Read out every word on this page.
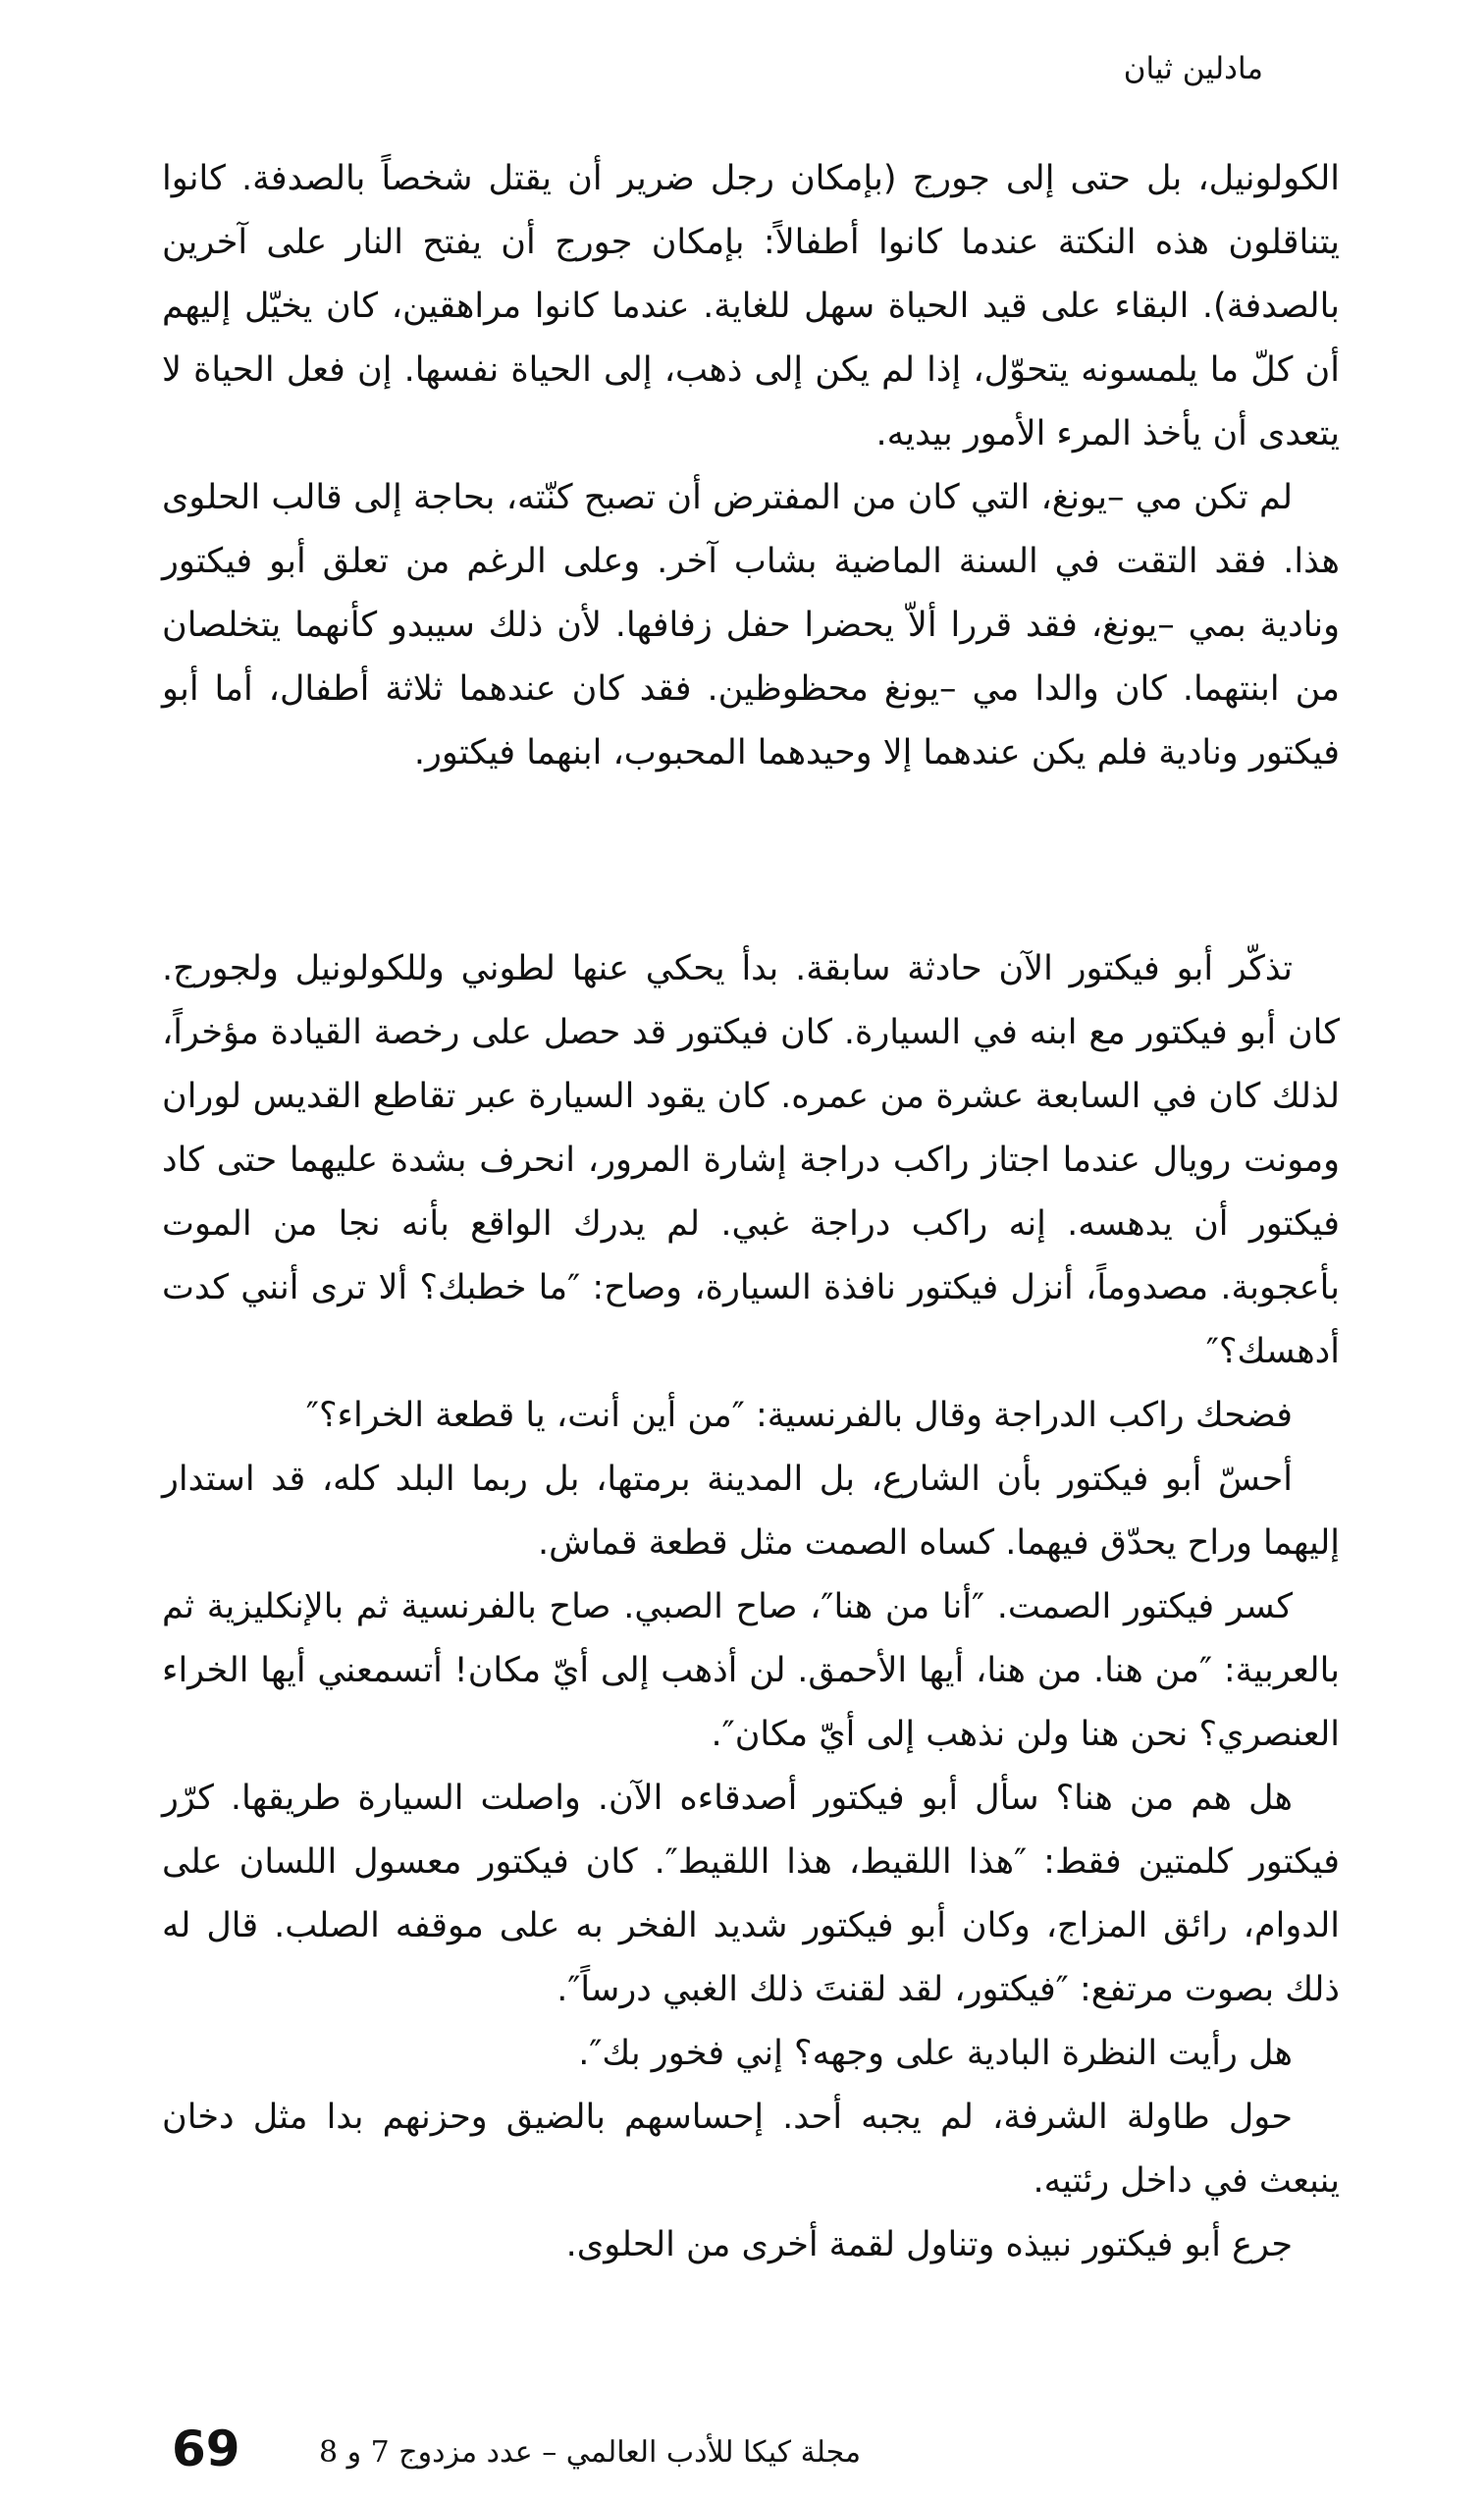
مادلين ثيان

الكولونيل، بل حتى إلى جورج (بإمكان رجل ضرير أن يقتل شخصاً بالصدفة. كانوا يتناقلون هذه النكتة عندما كانوا أطفالاً: بإمكان جورج أن يفتح النار على آخرين بالصدفة). البقاء على قيد الحياة سهل للغاية. عندما كانوا مراهقين، كان يخيّل إليهم أن كلّ ما يلمسونه يتحوّل، إذا لم يكن إلى ذهب، إلى الحياة نفسها. إن فعل الحياة لا يتعدى أن يأخذ المرء الأمور بيديه.

لم تكن مي –يونغ، التي كان من المفترض أن تصبح كنّته، بحاجة إلى قالب الحلوى هذا. فقد التقت في السنة الماضية بشاب آخر. وعلى الرغم من تعلق أبو فيكتور ونادية بمي –يونغ، فقد قررا ألاّ يحضرا حفل زفافها. لأن ذلك سيبدو كأنهما يتخلصان من ابنتهما. كان والدا مي –يونغ محظوظين. فقد كان عندهما ثلاثة أطفال، أما أبو فيكتور ونادية فلم يكن عندهما إلا وحيدهما المحبوب، ابنهما فيكتور.

تذكّر أبو فيكتور الآن حادثة سابقة. بدأ يحكي عنها لطوني وللكولونيل ولجورج. كان أبو فيكتور مع ابنه في السيارة. كان فيكتور قد حصل على رخصة القيادة مؤخراً، لذلك كان في السابعة عشرة من عمره. كان يقود السيارة عبر تقاطع القديس لوران ومونت رويال عندما اجتاز راكب دراجة إشارة المرور، انحرف بشدة عليهما حتى كاد فيكتور أن يدهسه. إنه راكب دراجة غبي. لم يدرك الواقع بأنه نجا من الموت بأعجوبة. مصدوماً، أنزل فيكتور نافذة السيارة، وصاح: ″ما خطبك؟ ألا ترى أنني كدت أدهسك؟″

فضحك راكب الدراجة وقال بالفرنسية: ″من أين أنت، يا قطعة الخراء؟″

أحسّ أبو فيكتور بأن الشارع، بل المدينة برمتها، بل ربما البلد كله، قد استدار إليهما وراح يحدّق فيهما. كساه الصمت مثل قطعة قماش.

كسر فيكتور الصمت. ″أنا من هنا″، صاح الصبي. صاح بالفرنسية ثم بالإنكليزية ثم بالعربية: ″من هنا. من هنا، أيها الأحمق. لن أذهب إلى أيّ مكان! أتسمعني أيها الخراء العنصري؟ نحن هنا ولن نذهب إلى أيّ مكان″.

هل هم من هنا؟ سأل أبو فيكتور أصدقاءه الآن. واصلت السيارة طريقها. كرّر فيكتور كلمتين فقط: ″هذا اللقيط، هذا اللقيط″. كان فيكتور معسول اللسان على الدوام، رائق المزاج، وكان أبو فيكتور شديد الفخر به على موقفه الصلب. قال له ذلك بصوت مرتفع: ″فيكتور، لقد لقنتَ ذلك الغبي درساً″.

هل رأيت النظرة البادية على وجهه؟ إني فخور بك″.

حول طاولة الشرفة، لم يجبه أحد. إحساسهم بالضيق وحزنهم بدا مثل دخان ينبعث في داخل رئتيه.

جرع أبو فيكتور نبيذه وتناول لقمة أخرى من الحلوى.

69	مجلة كيكا للأدب العالمي – عدد مزدوج 7 و 8
